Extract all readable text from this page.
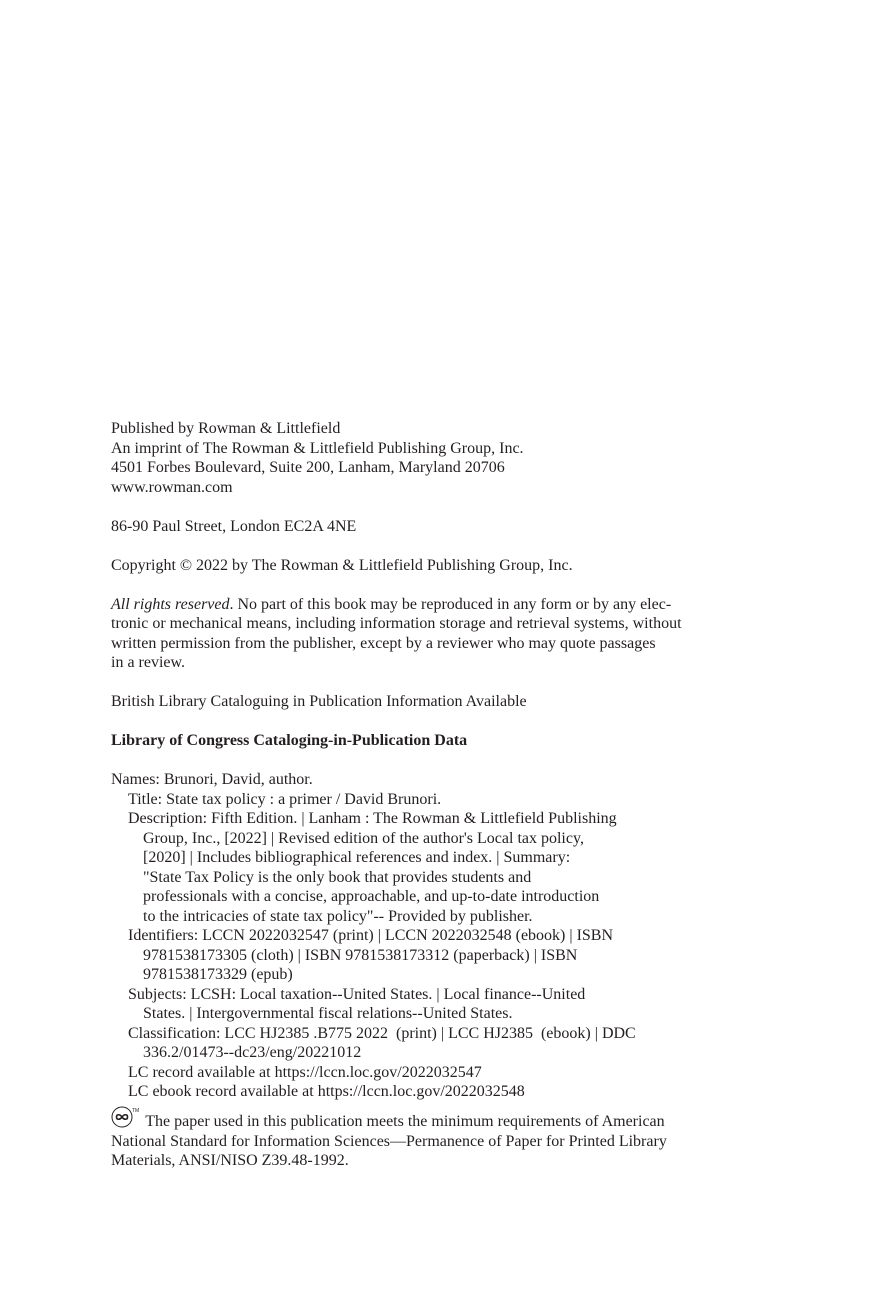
Published by Rowman & Littlefield
An imprint of The Rowman & Littlefield Publishing Group, Inc.
4501 Forbes Boulevard, Suite 200, Lanham, Maryland 20706
www.rowman.com
86-90 Paul Street, London EC2A 4NE
Copyright © 2022 by The Rowman & Littlefield Publishing Group, Inc.
All rights reserved. No part of this book may be reproduced in any form or by any elec-
tronic or mechanical means, including information storage and retrieval systems, without
written permission from the publisher, except by a reviewer who may quote passages
in a review.
British Library Cataloguing in Publication Information Available
Library of Congress Cataloging-in-Publication Data
Names: Brunori, David, author.
Title: State tax policy : a primer / David Brunori.
Description: Fifth Edition. | Lanham : The Rowman & Littlefield Publishing
Group, Inc., [2022] | Revised edition of the author's Local tax policy,
[2020] | Includes bibliographical references and index. | Summary:
"State Tax Policy is the only book that provides students and
professionals with a concise, approachable, and up-to-date introduction
to the intricacies of state tax policy"-- Provided by publisher.
Identifiers: LCCN 2022032547 (print) | LCCN 2022032548 (ebook) | ISBN
9781538173305 (cloth) | ISBN 9781538173312 (paperback) | ISBN
9781538173329 (epub)
Subjects: LCSH: Local taxation--United States. | Local finance--United
States. | Intergovernmental fiscal relations--United States.
Classification: LCC HJ2385 .B775 2022  (print) | LCC HJ2385  (ebook) | DDC
336.2/01473--dc23/eng/20221012
LC record available at https://lccn.loc.gov/2022032547
LC ebook record available at https://lccn.loc.gov/2022032548
™The paper used in this publication meets the minimum requirements of American
National Standard for Information Sciences—Permanence of Paper for Printed Library
Materials, ANSI/NISO Z39.48-1992.
